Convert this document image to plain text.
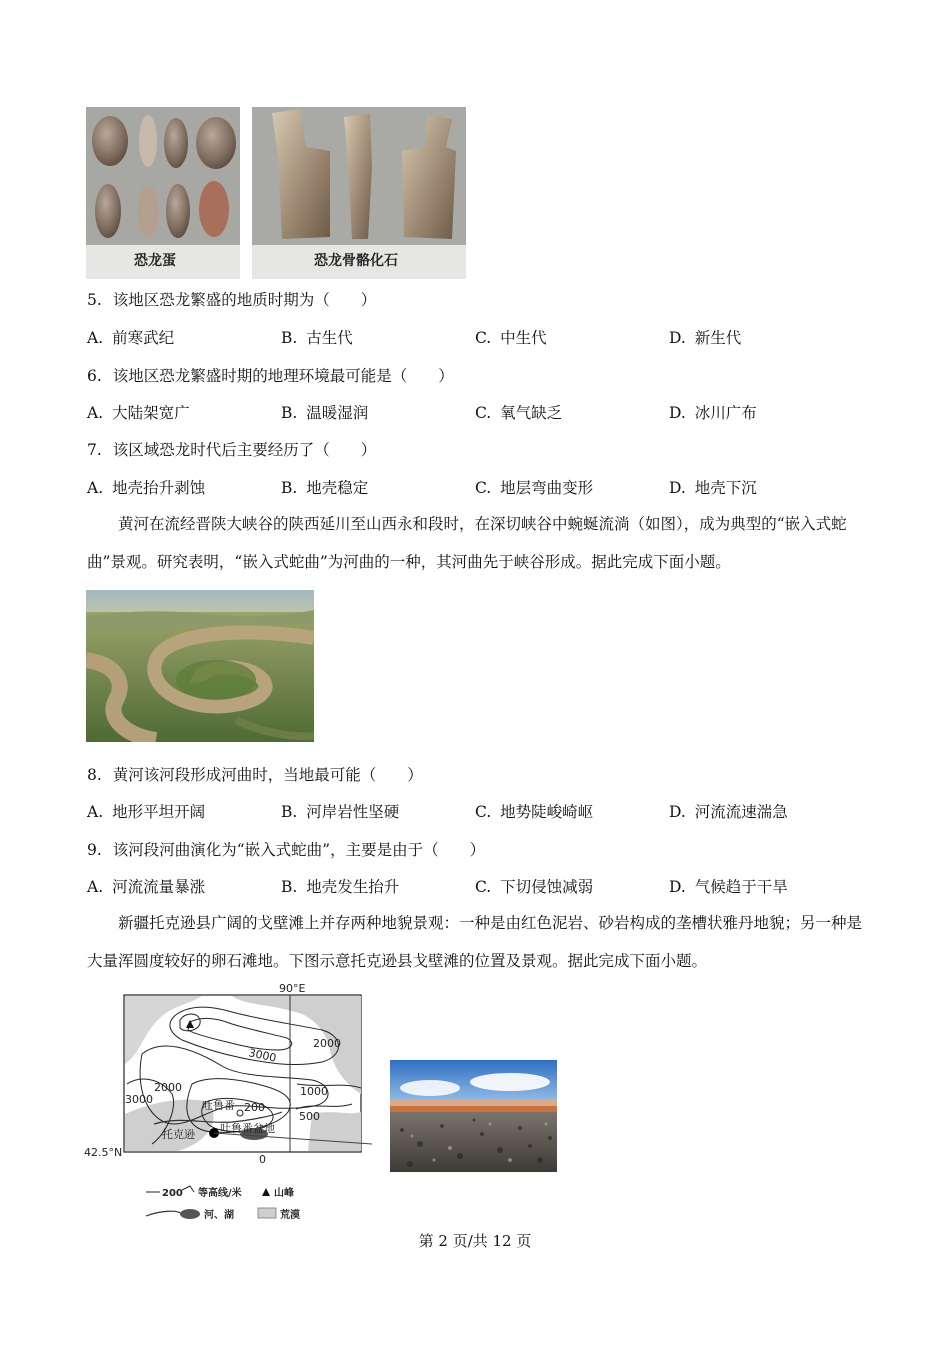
恐龙蛋	恐龙骨骼化石
5. 该地区恐龙繁盛的地质时期为（　　）
A. 前寒武纪	B. 古生代	C. 中生代	D. 新生代
6. 该地区恐龙繁盛时期的地理环境最可能是（　　）
A. 大陆架宽广	B. 温暖湿润	C. 氧气缺乏	D. 冰川广布
7. 该区域恐龙时代后主要经历了（　　）
A. 地壳抬升剥蚀	B. 地壳稳定	C. 地层弯曲变形	D. 地壳下沉

黄河在流经晋陕大峡谷的陕西延川至山西永和段时，在深切峡谷中蜿蜒流淌（如图），成为典型的“嵌入式蛇曲”景观。研究表明，“嵌入式蛇曲”为河曲的一种，其河曲先于峡谷形成。据此完成下面小题。

8. 黄河该河段形成河曲时，当地最可能（　　）
A. 地形平坦开阔	B. 河岸岩性坚硬	C. 地势陡峻崎岖	D. 河流流速湍急
9. 该河段河曲演化为“嵌入式蛇曲”，主要是由于（　　）
A. 河流流量暴涨	B. 地壳发生抬升	C. 下切侵蚀减弱	D. 气候趋于干旱

新疆托克逊县广阔的戈壁滩上并存两种地貌景观：一种是由红色泥岩、砂岩构成的垄槽状雅丹地貌；另一种是大量浑圆度较好的卵石滩地。下图示意托克逊县戈壁滩的位置及景观。据此完成下面小题。

90°E
42.5°N
3000
2000
2000	1000
3000
500
200
0
吐鲁番
托克逊 吐鲁番盆地
200 等高线/米	山峰
河、湖	荒漠
第 2 页/共 12 页
